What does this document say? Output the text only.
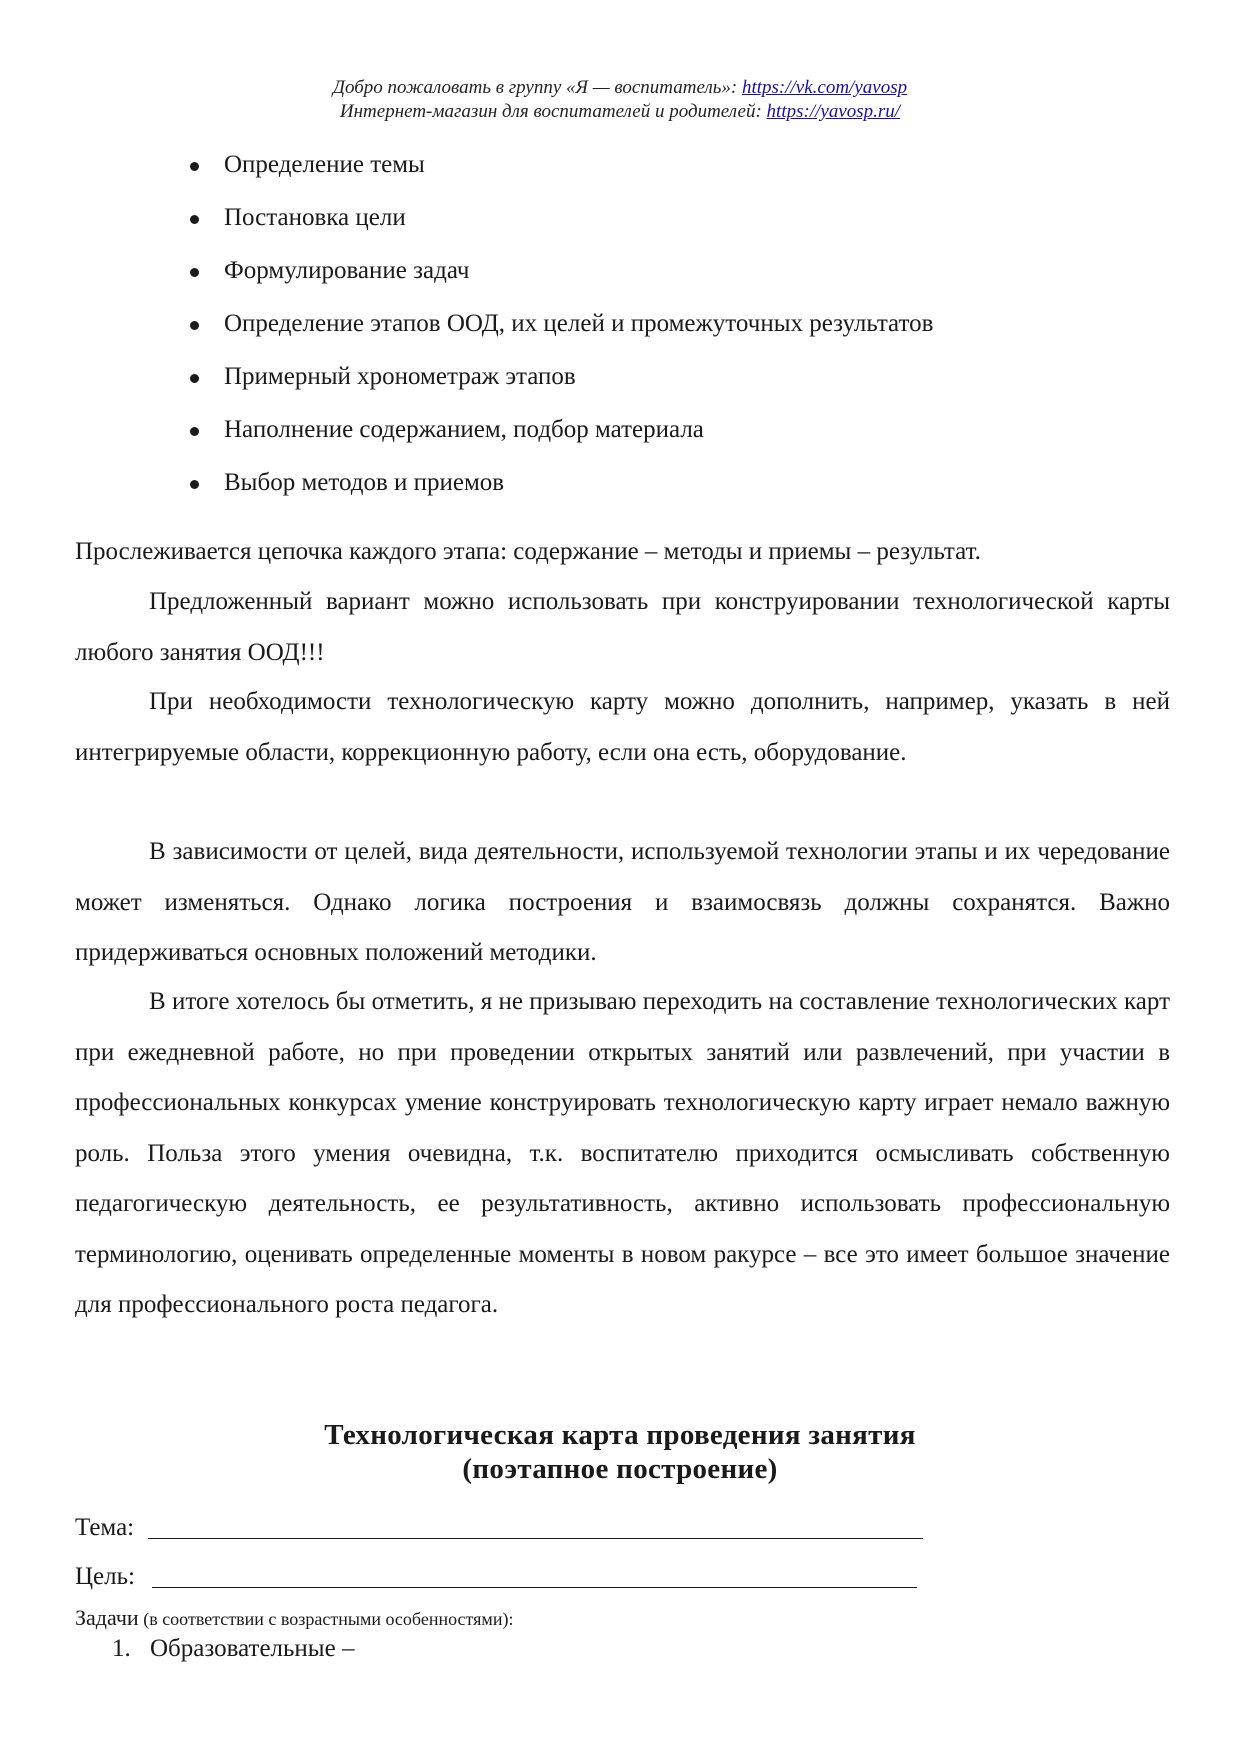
Добро пожаловать в группу «Я — воспитатель»: https://vk.com/yavosp
Интернет-магазин для воспитателей и родителей: https://yavosp.ru/
Определение темы
Постановка цели
Формулирование задач
Определение этапов ООД, их целей и промежуточных результатов
Примерный хронометраж этапов
Наполнение содержанием, подбор материала
Выбор методов и приемов

Прослеживается цепочка каждого этапа: содержание – методы и приемы – результат.

Предложенный вариант можно использовать при конструировании технологической карты любого занятия ООД!!!

При необходимости технологическую карту можно дополнить, например, указать в ней интегрируемые области, коррекционную работу, если она есть, оборудование.

В зависимости от целей, вида деятельности, используемой технологии этапы и их чередование может изменяться. Однако логика построения и взаимосвязь должны сохранятся. Важно придерживаться основных положений методики.

В итоге хотелось бы отметить, я не призываю переходить на составление технологических карт при ежедневной работе, но при проведении открытых занятий или развлечений, при участии в профессиональных конкурсах умение конструировать технологическую карту играет немало важную роль. Польза этого умения очевидна, т.к. воспитателю приходится осмысливать собственную педагогическую деятельность, ее результативность, активно использовать профессиональную терминологию, оценивать определенные моменты в новом ракурсе – все это имеет большое значение для профессионального роста педагога.

Технологическая карта проведения занятия
(поэтапное построение)
Тема:
Цель:
Задачи (в соответствии с возрастными особенностями):
1. Образовательные –
